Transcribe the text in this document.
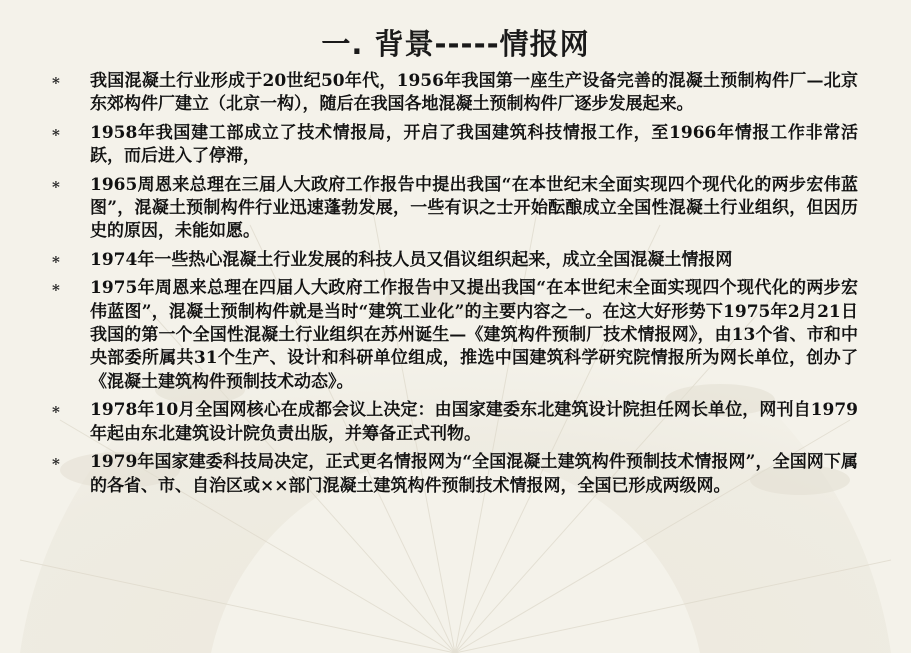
一. 背景-----情报网
*	我国混凝土行业形成于20世纪50年代，1956年我国第一座生产设备完善的混凝土预制构件厂—北京东郊构件厂建立（北京一构），随后在我国各地混凝土预制构件厂逐步发展起来。
*	1958年我国建工部成立了技术情报局，开启了我国建筑科技情报工作，至1966年情报工作非常活跃，而后进入了停滞，
*	1965周恩来总理在三届人大政府工作报告中提出我国“在本世纪末全面实现四个现代化的两步宏伟蓝图”，混凝土预制构件行业迅速蓬勃发展，一些有识之士开始酝酿成立全国性混凝土行业组织，但因历史的原因，未能如愿。
*	1974年一些热心混凝土行业发展的科技人员又倡议组织起来，成立全国混凝土情报网
*	1975年周恩来总理在四届人大政府工作报告中又提出我国“在本世纪末全面实现四个现代化的两步宏伟蓝图”，混凝土预制构件就是当时“建筑工业化”的主要内容之一。在这大好形势下1975年2月21日我国的第一个全国性混凝土行业组织在苏州诞生—《建筑构件预制厂技术情报网》，由13个省、市和中央部委所属共31个生产、设计和科研单位组成，推选中国建筑科学研究院情报所为网长单位，创办了《混凝土建筑构件预制技术动态》。
*	1978年10月全国网核心在成都会议上决定：由国家建委东北建筑设计院担任网长单位，网刊自1979年起由东北建筑设计院负责出版，并筹备正式刊物。
*	1979年国家建委科技局决定，正式更名情报网为“全国混凝土建筑构件预制技术情报网”，全国网下属的各省、市、自治区或××部门混凝土建筑构件预制技术情报网，全国已形成两级网。
